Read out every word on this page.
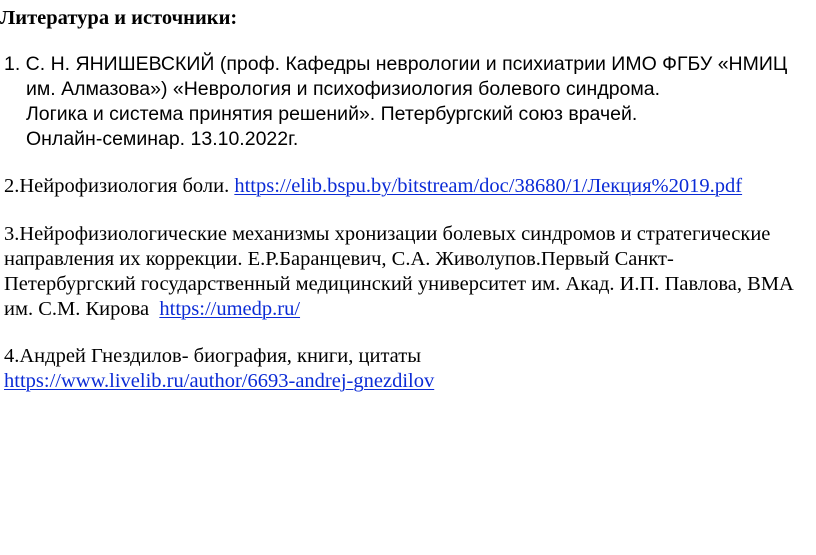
Литература и источники:
1. С. Н. ЯНИШЕВСКИЙ (проф. Кафедры неврологии и психиатрии ИМО ФГБУ «НМИЦ
им. Алмазова») «Неврология и психофизиология болевого синдрома.
Логика и система принятия решений». Петербургский союз врачей.
Онлайн-семинар. 13.10.2022г.
2.Нейрофизиология боли. https://elib.bspu.by/bitstream/doc/38680/1/Лекция%2019.pdf
3.Нейрофизиологические механизмы хронизации болевых синдромов и стратегические
направления их коррекции. Е.Р.Баранцевич, С.А. Живолупов.Первый Санкт-
Петербургский государственный медицинский университет им. Акад. И.П. Павлова, ВМА
им. С.М. Кирова  https://umedp.ru/
4.Андрей Гнездилов- биография, книги, цитаты
https://www.livelib.ru/author/6693-andrej-gnezdilov
